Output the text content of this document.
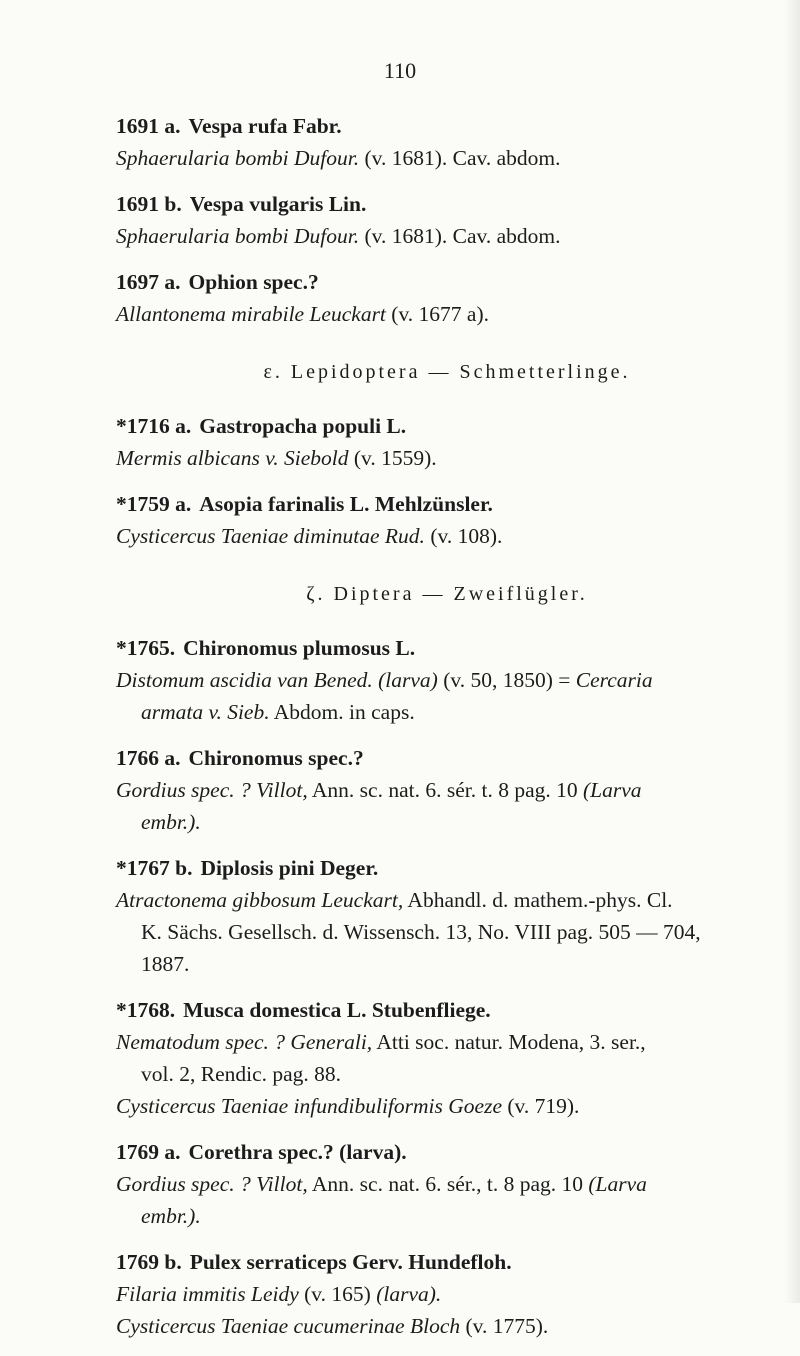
110
1691 a. Vespa rufa Fabr.
Sphaerularia bombi Dufour. (v. 1681). Cav. abdom.
1691 b. Vespa vulgaris Lin.
Sphaerularia bombi Dufour. (v. 1681). Cav. abdom.
1697 a. Ophion spec.?
Allantonema mirabile Leuckart (v. 1677 a).
ε. Lepidoptera — Schmetterlinge.
*1716 a. Gastropacha populi L.
Mermis albicans v. Siebold (v. 1559).
*1759 a. Asopia farinalis L. Mehlzünsler.
Cysticercus Taeniae diminutae Rud. (v. 108).
ζ. Diptera — Zweiflügler.
*1765. Chironomus plumosus L.
Distomum ascidia van Bened. (larva) (v. 50, 1850) = Cercaria
armata v. Sieb. Abdom. in caps.
1766 a. Chironomus spec.?
Gordius spec. ? Villot, Ann. sc. nat. 6. sér. t. 8 pag. 10 (Larva
embr.).
*1767 b. Diplosis pini Deger.
Atractonema gibbosum Leuckart, Abhandl. d. mathem.-phys. Cl.
K. Sächs. Gesellsch. d. Wissensch. 13, No. VIII pag. 505 — 704,
1887.
*1768. Musca domestica L. Stubenfliege.
Nematodum spec. ? Generali, Atti soc. natur. Modena, 3. ser.,
vol. 2, Rendic. pag. 88.
Cysticercus Taeniae infundibuliformis Goeze (v. 719).
1769 a. Corethra spec.? (larva).
Gordius spec. ? Villot, Ann. sc. nat. 6. sér., t. 8 pag. 10 (Larva
embr.).
1769 b. Pulex serraticeps Gerv. Hundefloh.
Filaria immitis Leidy (v. 165) (larva).
Cysticercus Taeniae cucumerinae Bloch (v. 1775).
